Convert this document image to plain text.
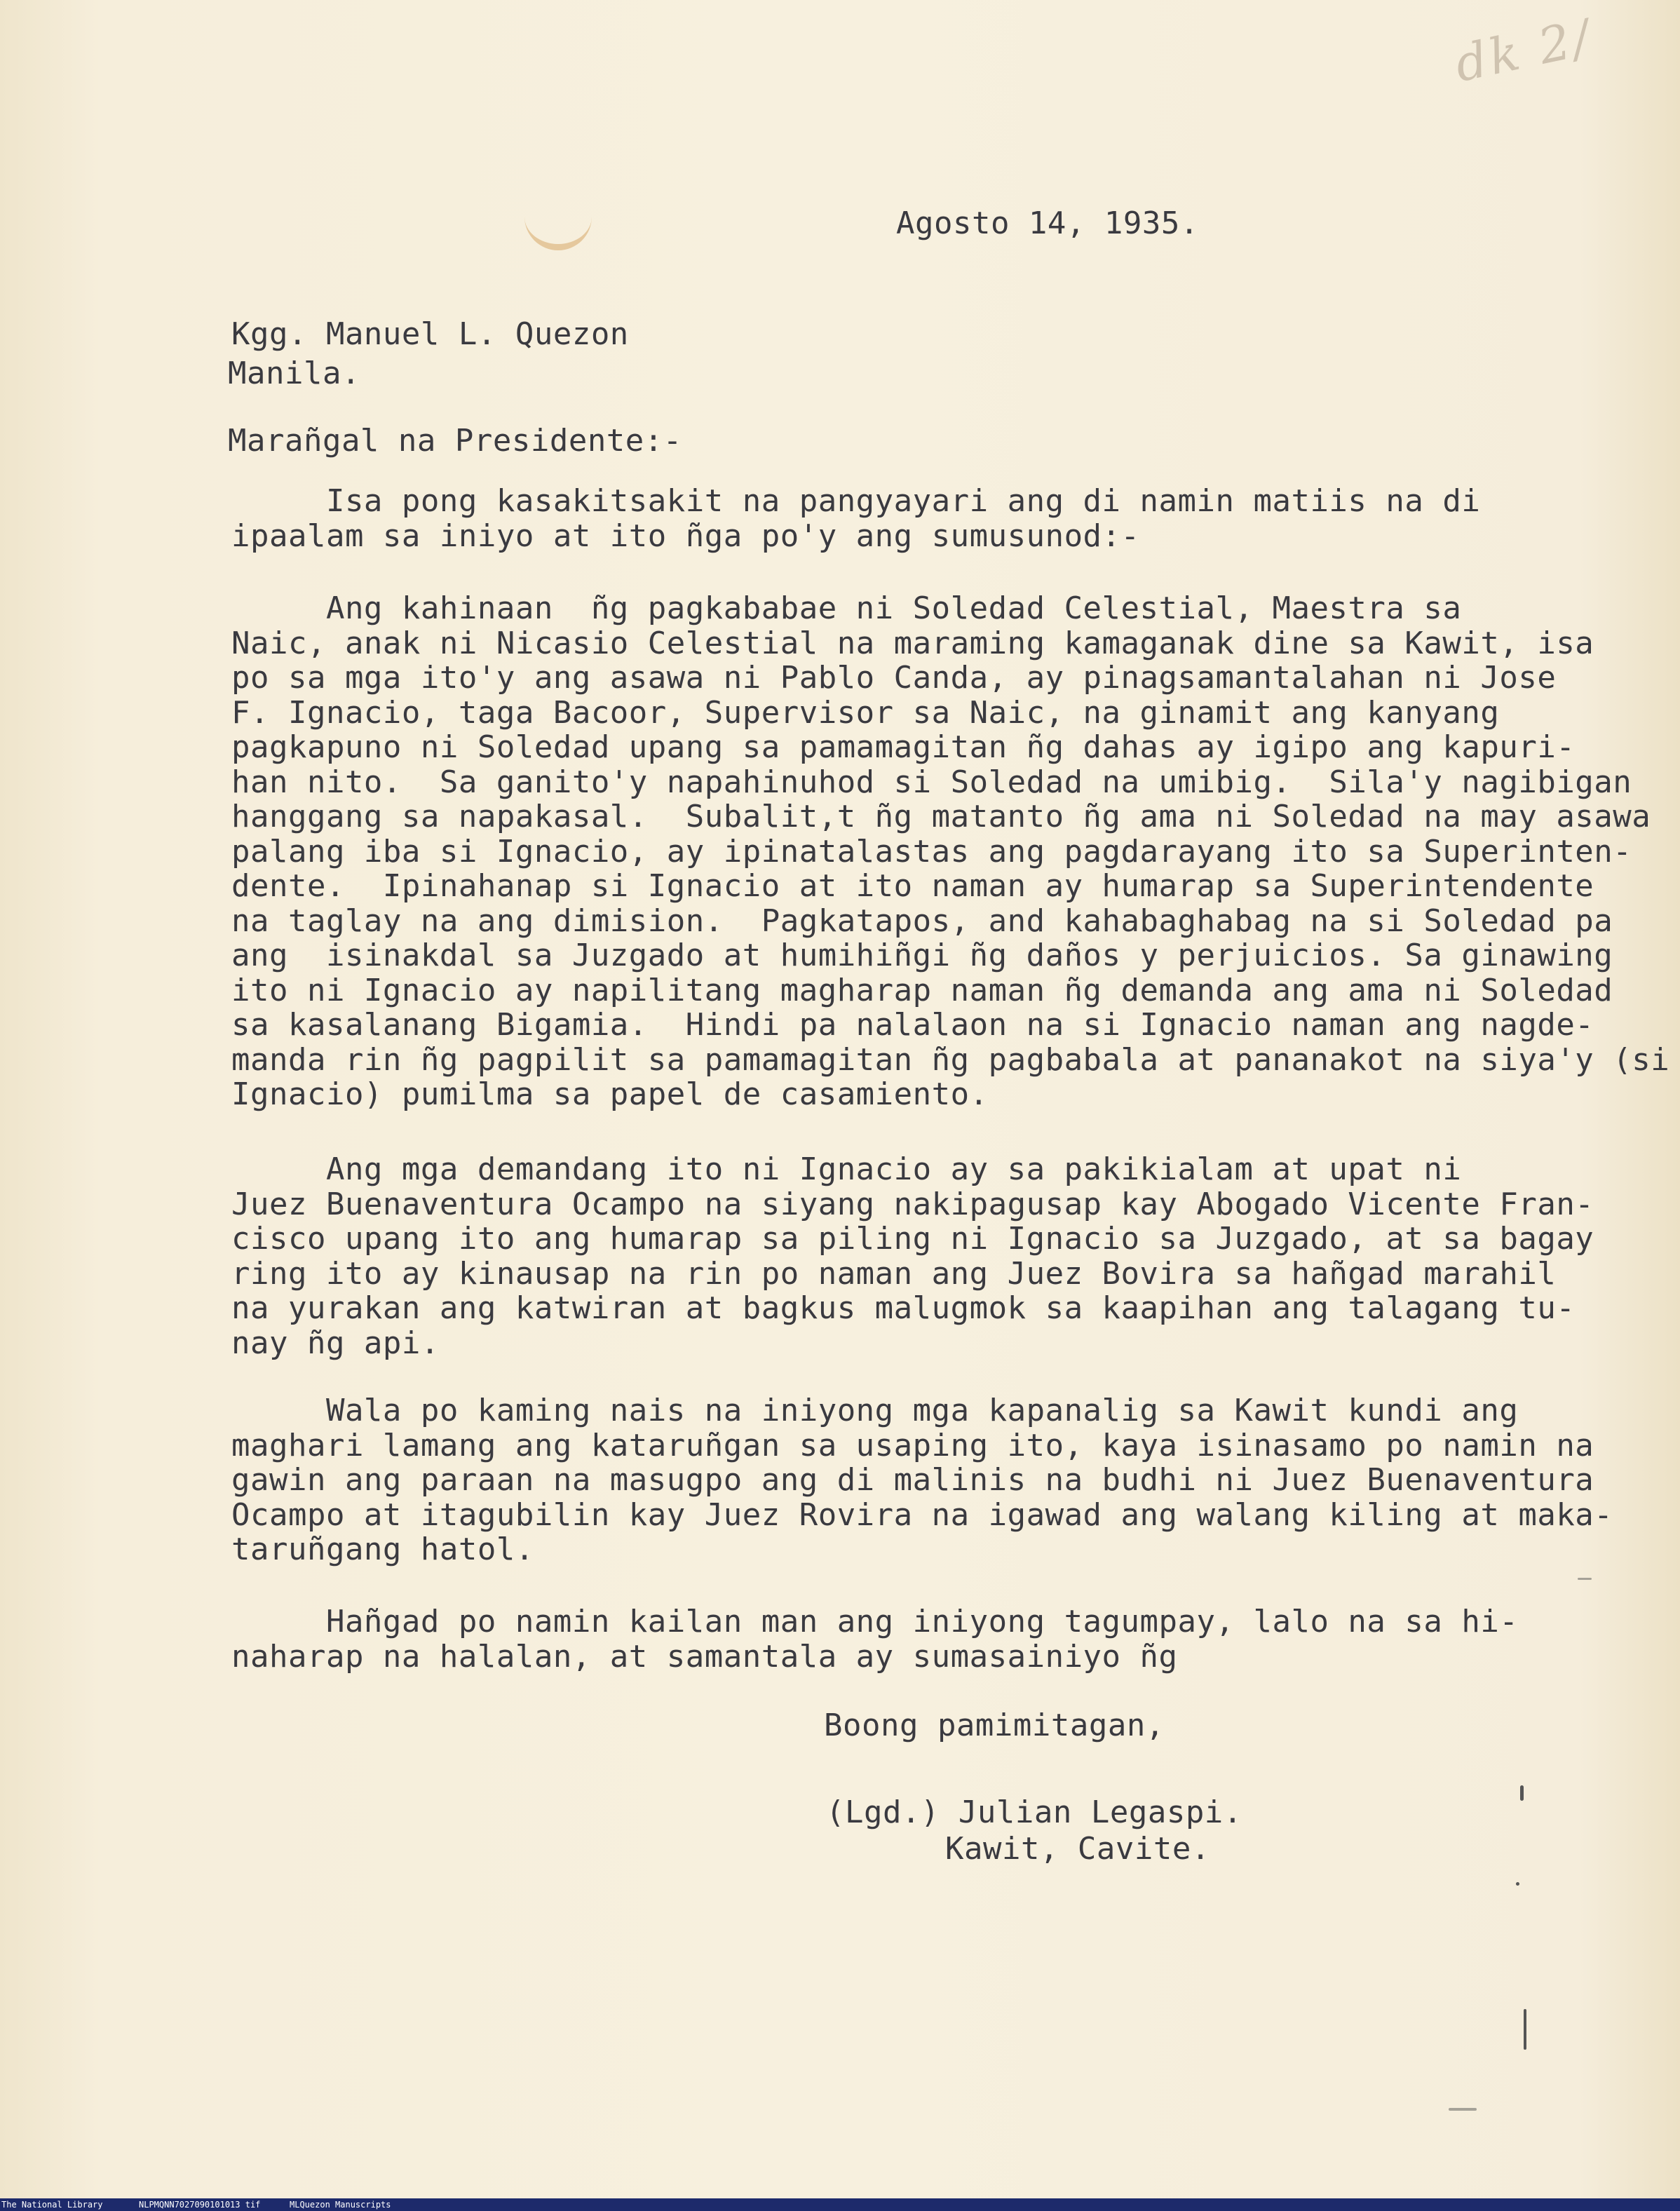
dk 2/
Agosto 14, 1935.
Kgg. Manuel L. Quezon
Manila.
Marañgal na Presidente:-
Isa pong kasakitsakit na pangyayari ang di namin matiis na di
ipaalam sa iniyo at ito ñga po'y ang sumusunod:-
Ang kahinaan  ñg pagkababae ni Soledad Celestial, Maestra sa
Naic, anak ni Nicasio Celestial na maraming kamaganak dine sa Kawit, isa
po sa mga ito'y ang asawa ni Pablo Canda, ay pinagsamantalahan ni Jose
F. Ignacio, taga Bacoor, Supervisor sa Naic, na ginamit ang kanyang
pagkapuno ni Soledad upang sa pamamagitan ñg dahas ay igipo ang kapuri-
han nito.  Sa ganito'y napahinuhod si Soledad na umibig.  Sila'y nagibigan
hanggang sa napakasal.  Subalit,t ñg matanto ñg ama ni Soledad na may asawa
palang iba si Ignacio, ay ipinatalastas ang pagdarayang ito sa Superinten-
dente.  Ipinahanap si Ignacio at ito naman ay humarap sa Superintendente
na taglay na ang dimision.  Pagkatapos, and kahabaghabag na si Soledad pa
ang  isinakdal sa Juzgado at humihiñgi ñg daños y perjuicios. Sa ginawing
ito ni Ignacio ay napilitang magharap naman ñg demanda ang ama ni Soledad
sa kasalanang Bigamia.  Hindi pa nalalaon na si Ignacio naman ang nagde-
manda rin ñg pagpilit sa pamamagitan ñg pagbabala at pananakot na siya'y (si
Ignacio) pumilma sa papel de casamiento.
Ang mga demandang ito ni Ignacio ay sa pakikialam at upat ni
Juez Buenaventura Ocampo na siyang nakipagusap kay Abogado Vicente Fran-
cisco upang ito ang humarap sa piling ni Ignacio sa Juzgado, at sa bagay
ring ito ay kinausap na rin po naman ang Juez Bovira sa hañgad marahil
na yurakan ang katwiran at bagkus malugmok sa kaapihan ang talagang tu-
nay ñg api.
Wala po kaming nais na iniyong mga kapanalig sa Kawit kundi ang
maghari lamang ang kataruñgan sa usaping ito, kaya isinasamo po namin na
gawin ang paraan na masugpo ang di malinis na budhi ni Juez Buenaventura
Ocampo at itagubilin kay Juez Rovira na igawad ang walang kiling at maka-
taruñgang hatol.
Hañgad po namin kailan man ang iniyong tagumpay, lalo na sa hi-
naharap na halalan, at samantala ay sumasainiyo ñg
Boong pamimitagan,
(Lgd.) Julian Legaspi.
Kawit, Cavite.
The National Library	NLPMQNN7027090101013 tif	MLQuezon Manuscripts
